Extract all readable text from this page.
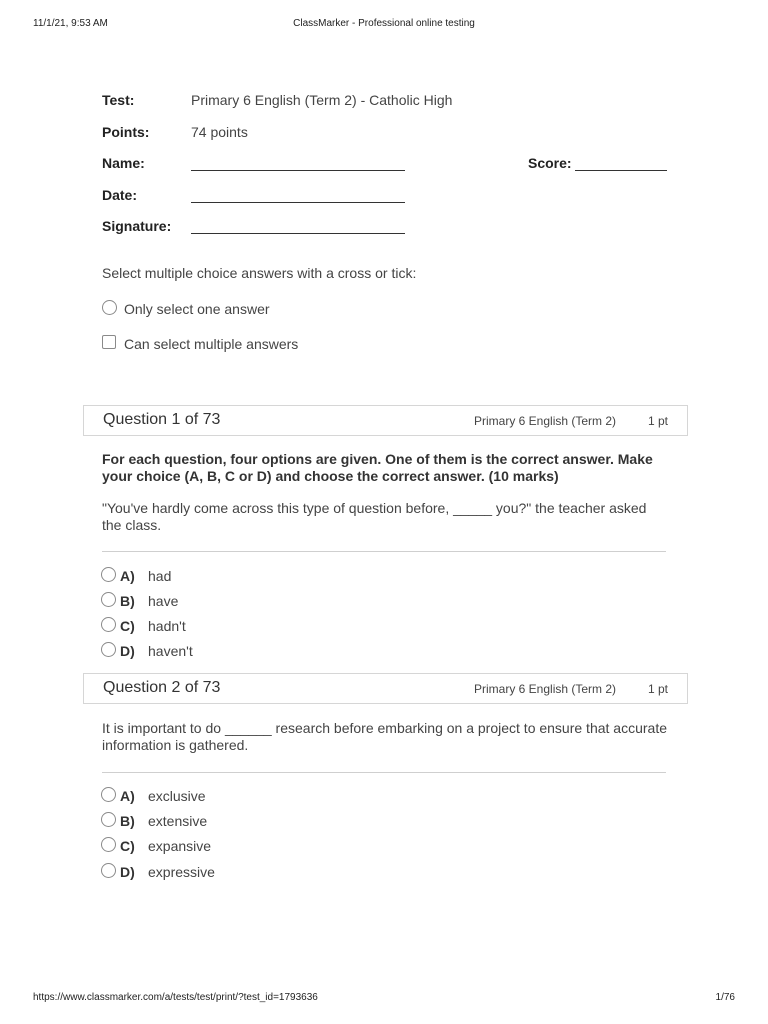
11/1/21, 9:53 AM	ClassMarker - Professional online testing
Test:	Primary 6 English (Term 2) - Catholic High
Points:	74 points
Name:	Score:
Date:
Signature:
Select multiple choice answers with a cross or tick:
Only select one answer
Can select multiple answers
Question 1 of 73	Primary 6 English (Term 2)	1 pt
For each question, four options are given. One of them is the correct answer. Make your choice (A, B, C or D) and choose the correct answer. (10 marks)
"You've hardly come across this type of question before, _____ you?" the teacher asked the class.
A) had
B) have
C) hadn't
D) haven't
Question 2 of 73	Primary 6 English (Term 2)	1 pt
It is important to do ______ research before embarking on a project to ensure that accurate information is gathered.
A) exclusive
B) extensive
C) expansive
D) expressive
https://www.classmarker.com/a/tests/test/print/?test_id=1793636	1/76
